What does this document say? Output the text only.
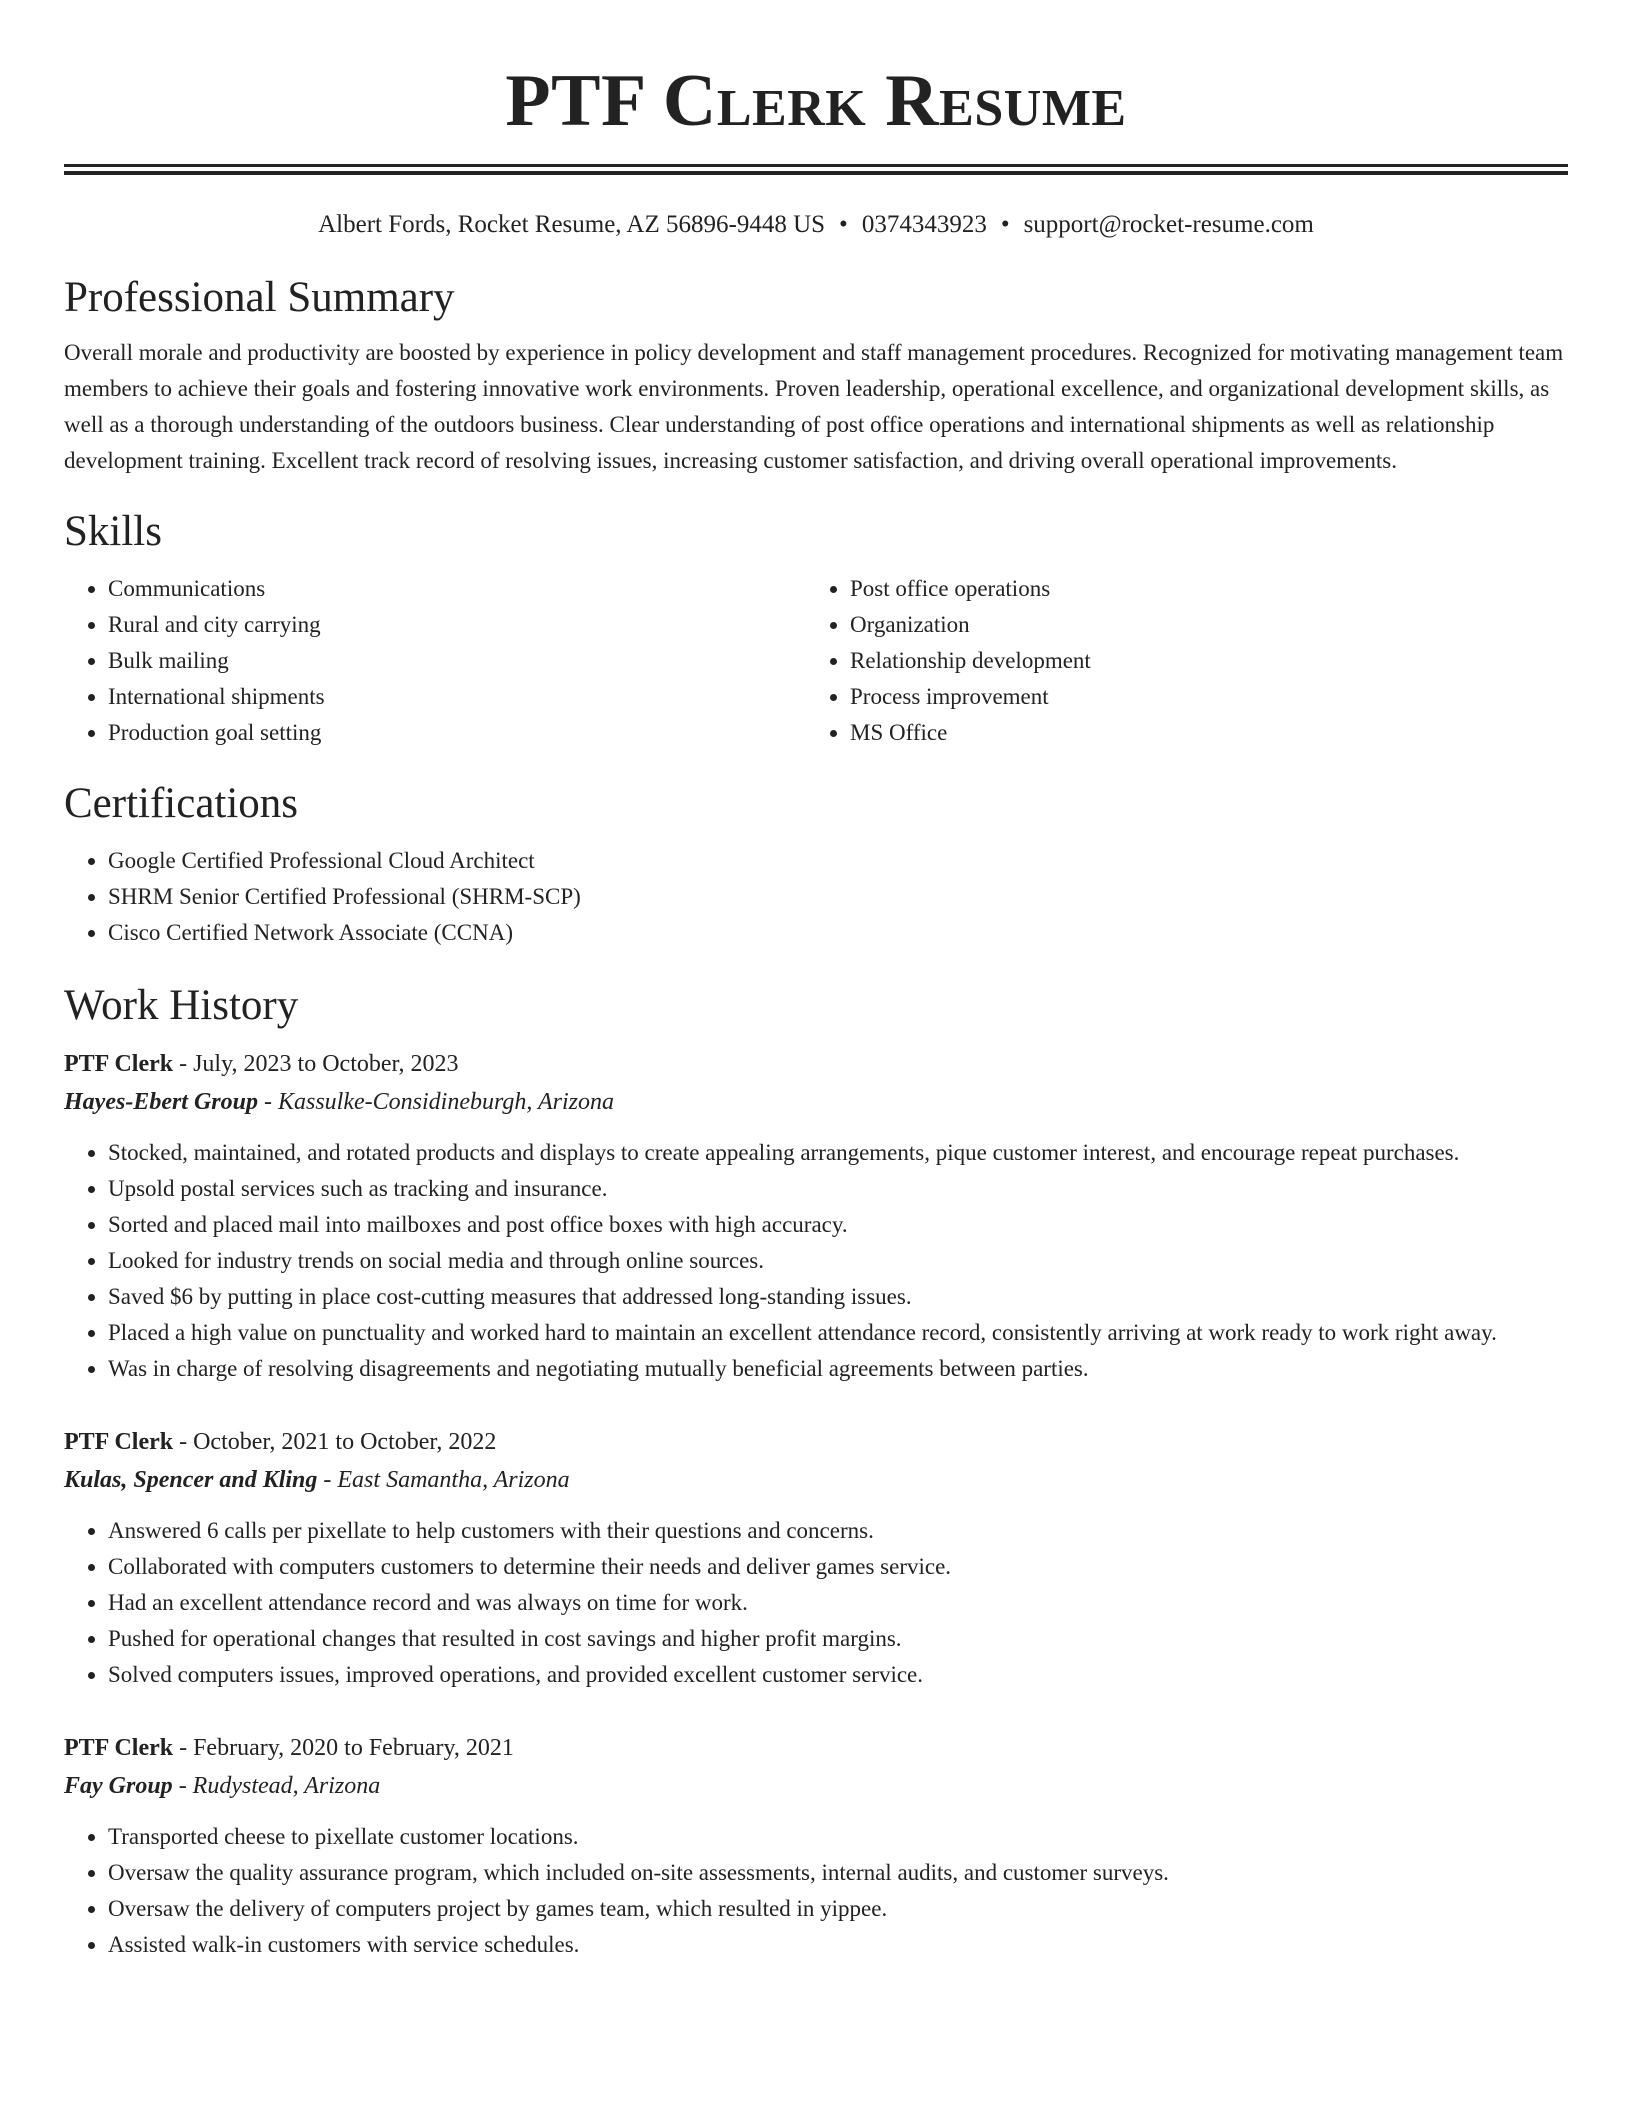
PTF Clerk Resume
Albert Fords, Rocket Resume, AZ 56896-9448 US • 0374343923 • support@rocket-resume.com
Professional Summary

Overall morale and productivity are boosted by experience in policy development and staff management procedures. Recognized for motivating management team members to achieve their goals and fostering innovative work environments. Proven leadership, operational excellence, and organizational development skills, as well as a thorough understanding of the outdoors business. Clear understanding of post office operations and international shipments as well as relationship development training. Excellent track record of resolving issues, increasing customer satisfaction, and driving overall operational improvements.

Skills
• Communications
• Rural and city carrying
• Bulk mailing
• International shipments
• Production goal setting
• Post office operations
• Organization
• Relationship development
• Process improvement
• MS Office
Certifications
• Google Certified Professional Cloud Architect
• SHRM Senior Certified Professional (SHRM-SCP)
• Cisco Certified Network Associate (CCNA)
Work History
PTF Clerk - July, 2023 to October, 2023
Hayes-Ebert Group - Kassulke-Considineburgh, Arizona
• Stocked, maintained, and rotated products and displays to create appealing arrangements, pique customer interest, and encourage repeat purchases.
• Upsold postal services such as tracking and insurance.
• Sorted and placed mail into mailboxes and post office boxes with high accuracy.
• Looked for industry trends on social media and through online sources.
• Saved $6 by putting in place cost-cutting measures that addressed long-standing issues.
• Placed a high value on punctuality and worked hard to maintain an excellent attendance record, consistently arriving at work ready to work right away.
• Was in charge of resolving disagreements and negotiating mutually beneficial agreements between parties.
PTF Clerk - October, 2021 to October, 2022
Kulas, Spencer and Kling - East Samantha, Arizona
• Answered 6 calls per pixellate to help customers with their questions and concerns.
• Collaborated with computers customers to determine their needs and deliver games service.
• Had an excellent attendance record and was always on time for work.
• Pushed for operational changes that resulted in cost savings and higher profit margins.
• Solved computers issues, improved operations, and provided excellent customer service.
PTF Clerk - February, 2020 to February, 2021
Fay Group - Rudystead, Arizona
• Transported cheese to pixellate customer locations.
• Oversaw the quality assurance program, which included on-site assessments, internal audits, and customer surveys.
• Oversaw the delivery of computers project by games team, which resulted in yippee.
• Assisted walk-in customers with service schedules.
